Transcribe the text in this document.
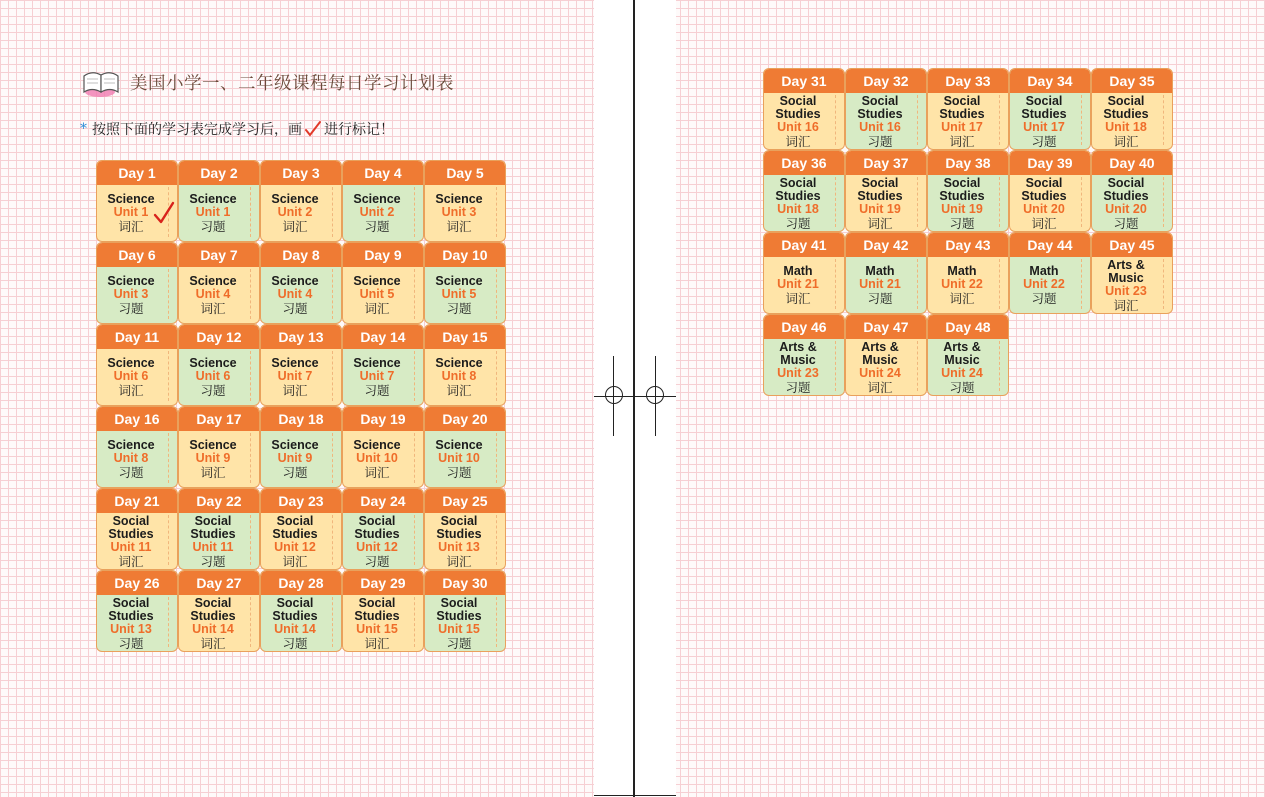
美国小学一、二年级课程每日学习计划表
* 按照下面的学习表完成学习后，画 进行标记！
Day 1
Science
Unit 1
词汇
Day 2
Science
Unit 1
习题
Day 3
Science
Unit 2
词汇
Day 4
Science
Unit 2
习题
Day 5
Science
Unit 3
词汇
Day 6
Science
Unit 3
习题
Day 7
Science
Unit 4
词汇
Day 8
Science
Unit 4
习题
Day 9
Science
Unit 5
词汇
Day 10
Science
Unit 5
习题
Day 11
Science
Unit 6
词汇
Day 12
Science
Unit 6
习题
Day 13
Science
Unit 7
词汇
Day 14
Science
Unit 7
习题
Day 15
Science
Unit 8
词汇
Day 16
Science
Unit 8
习题
Day 17
Science
Unit 9
词汇
Day 18
Science
Unit 9
习题
Day 19
Science
Unit 10
词汇
Day 20
Science
Unit 10
习题
Day 21
Social Studies
Unit 11
词汇
Day 22
Social Studies
Unit 11
习题
Day 23
Social Studies
Unit 12
词汇
Day 24
Social Studies
Unit 12
习题
Day 25
Social Studies
Unit 13
词汇
Day 26
Social Studies
Unit 13
习题
Day 27
Social Studies
Unit 14
词汇
Day 28
Social Studies
Unit 14
习题
Day 29
Social Studies
Unit 15
词汇
Day 30
Social Studies
Unit 15
习题
Day 31
Social Studies
Unit 16
词汇
Day 32
Social Studies
Unit 16
习题
Day 33
Social Studies
Unit 17
词汇
Day 34
Social Studies
Unit 17
习题
Day 35
Social Studies
Unit 18
词汇
Day 36
Social Studies
Unit 18
习题
Day 37
Social Studies
Unit 19
词汇
Day 38
Social Studies
Unit 19
习题
Day 39
Social Studies
Unit 20
词汇
Day 40
Social Studies
Unit 20
习题
Day 41
Math
Unit 21
词汇
Day 42
Math
Unit 21
习题
Day 43
Math
Unit 22
词汇
Day 44
Math
Unit 22
习题
Day 45
Arts & Music
Unit 23
词汇
Day 46
Arts & Music
Unit 23
习题
Day 47
Arts & Music
Unit 24
词汇
Day 48
Arts & Music
Unit 24
习题
